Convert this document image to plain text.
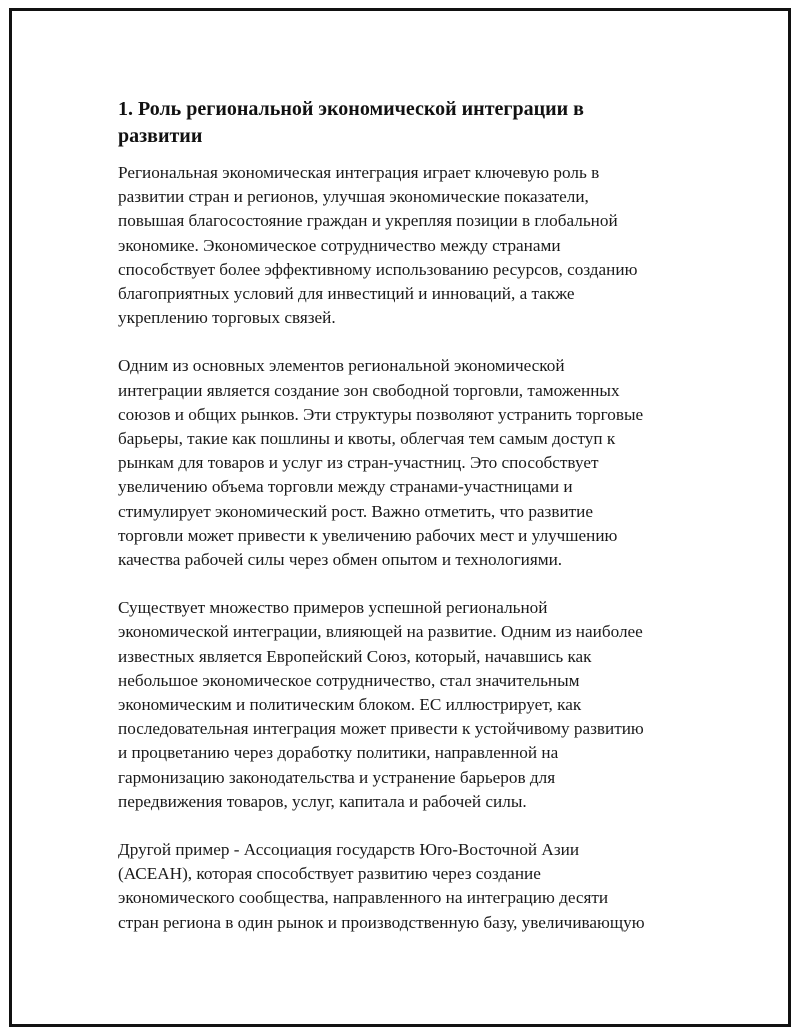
1. Роль региональной экономической интеграции в
развитии

Региональная экономическая интеграция играет ключевую роль в
развитии стран и регионов, улучшая экономические показатели,
повышая благосостояние граждан и укрепляя позиции в глобальной
экономике. Экономическое сотрудничество между странами
способствует более эффективному использованию ресурсов, созданию
благоприятных условий для инвестиций и инноваций, а также
укреплению торговых связей.

Одним из основных элементов региональной экономической
интеграции является создание зон свободной торговли, таможенных
союзов и общих рынков. Эти структуры позволяют устранить торговые
барьеры, такие как пошлины и квоты, облегчая тем самым доступ к
рынкам для товаров и услуг из стран-участниц. Это способствует
увеличению объема торговли между странами-участницами и
стимулирует экономический рост. Важно отметить, что развитие
торговли может привести к увеличению рабочих мест и улучшению
качества рабочей силы через обмен опытом и технологиями.

Существует множество примеров успешной региональной
экономической интеграции, влияющей на развитие. Одним из наиболее
известных является Европейский Союз, который, начавшись как
небольшое экономическое сотрудничество, стал значительным
экономическим и политическим блоком. ЕС иллюстрирует, как
последовательная интеграция может привести к устойчивому развитию
и процветанию через доработку политики, направленной на
гармонизацию законодательства и устранение барьеров для
передвижения товаров, услуг, капитала и рабочей силы.

Другой пример - Ассоциация государств Юго-Восточной Азии
(АСЕАН), которая способствует развитию через создание
экономического сообщества, направленного на интеграцию десяти
стран региона в один рынок и производственную базу, увеличивающую
